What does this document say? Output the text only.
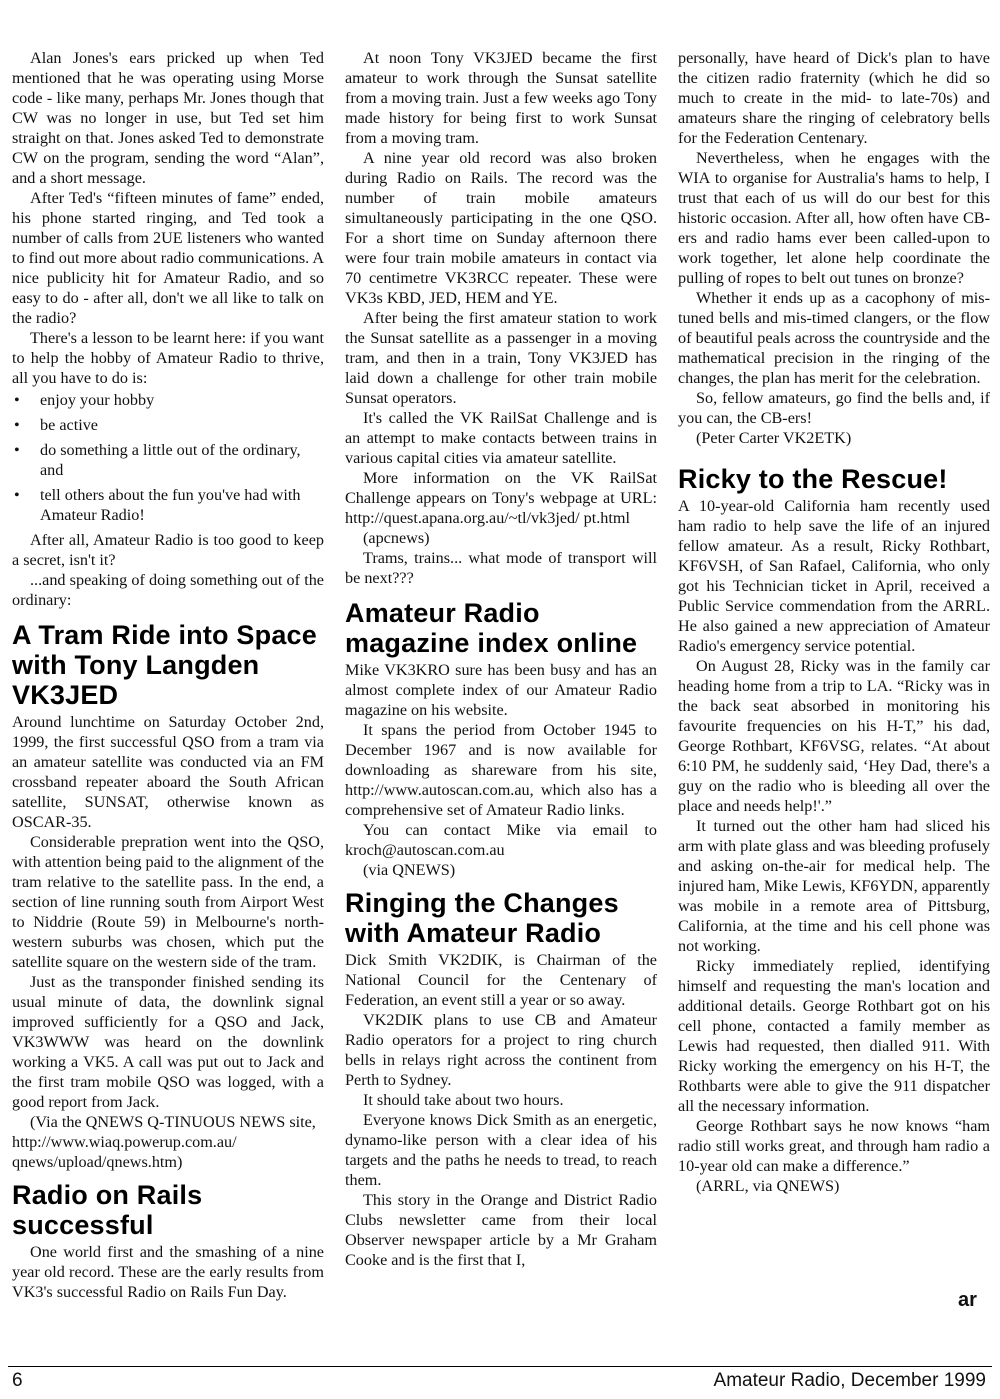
Alan Jones's ears pricked up when Ted mentioned that he was operating using Morse code - like many, perhaps Mr. Jones though that CW was no longer in use, but Ted set him straight on that. Jones asked Ted to demonstrate CW on the program, sending the word “Alan”, and a short message.

After Ted's “fifteen minutes of fame” ended, his phone started ringing, and Ted took a number of calls from 2UE listeners who wanted to find out more about radio communications. A nice publicity hit for Amateur Radio, and so easy to do - after all, don't we all like to talk on the radio?

There's a lesson to be learnt here: if you want to help the hobby of Amateur Radio to thrive, all you have to do is:

• enjoy your hobby
• be active
• do something a little out of the ordinary, and
• tell others about the fun you've had with Amateur Radio!

After all, Amateur Radio is too good to keep a secret, isn't it?

...and speaking of doing something out of the ordinary:

A Tram Ride into Space with Tony Langden VK3JED

Around lunchtime on Saturday October 2nd, 1999, the first successful QSO from a tram via an amateur satellite was conducted via an FM crossband repeater aboard the South African satellite, SUNSAT, otherwise known as OSCAR-35.

Considerable prepration went into the QSO, with attention being paid to the alignment of the tram relative to the satellite pass. In the end, a section of line running south from Airport West to Niddrie (Route 59) in Melbourne's north-western suburbs was chosen, which put the satellite square on the western side of the tram.

Just as the transponder finished sending its usual minute of data, the downlink signal improved sufficiently for a QSO and Jack, VK3WWW was heard on the downlink working a VK5. A call was put out to Jack and the first tram mobile QSO was logged, with a good report from Jack.

(Via the QNEWS Q-TINUOUS NEWS site, http://www.wiaq.powerup.com.au/ qnews/upload/qnews.htm)

Radio on Rails successful

One world first and the smashing of a nine year old record. These are the early results from VK3's successful Radio on Rails Fun Day.

At noon Tony VK3JED became the first amateur to work through the Sunsat satellite from a moving train. Just a few weeks ago Tony made history for being first to work Sunsat from a moving tram.

A nine year old record was also broken during Radio on Rails. The record was the number of train mobile amateurs simultaneously participating in the one QSO. For a short time on Sunday afternoon there were four train mobile amateurs in contact via 70 centimetre VK3RCC repeater. These were VK3s KBD, JED, HEM and YE.

After being the first amateur station to work the Sunsat satellite as a passenger in a moving tram, and then in a train, Tony VK3JED has laid down a challenge for other train mobile Sunsat operators.

It's called the VK RailSat Challenge and is an attempt to make contacts between trains in various capital cities via amateur satellite.

More information on the VK RailSat Challenge appears on Tony's webpage at URL: http://quest.apana.org.au/~tl/vk3jed/ pt.html

(apcnews)

Trams, trains... what mode of transport will be next???

Amateur Radio magazine index online

Mike VK3KRO sure has been busy and has an almost complete index of our Amateur Radio magazine on his website.

It spans the period from October 1945 to December 1967 and is now available for downloading as shareware from his site, http://www.autoscan.com.au, which also has a comprehensive set of Amateur Radio links.

You can contact Mike via email to kroch@autoscan.com.au

(via QNEWS)

Ringing the Changes with Amateur Radio

Dick Smith VK2DIK, is Chairman of the National Council for the Centenary of Federation, an event still a year or so away.

VK2DIK plans to use CB and Amateur Radio operators for a project to ring church bells in relays right across the continent from Perth to Sydney.

It should take about two hours.

Everyone knows Dick Smith as an energetic, dynamo-like person with a clear idea of his targets and the paths he needs to tread, to reach them.

This story in the Orange and District Radio Clubs newsletter came from their local Observer newspaper article by a Mr Graham Cooke and is the first that I,

personally, have heard of Dick's plan to have the citizen radio fraternity (which he did so much to create in the mid- to late-70s) and amateurs share the ringing of celebratory bells for the Federation Centenary.

Nevertheless, when he engages with the WIA to organise for Australia's hams to help, I trust that each of us will do our best for this historic occasion. After all, how often have CB-ers and radio hams ever been called-upon to work together, let alone help coordinate the pulling of ropes to belt out tunes on bronze?

Whether it ends up as a cacophony of mis-tuned bells and mis-timed clangers, or the flow of beautiful peals across the countryside and the mathematical precision in the ringing of the changes, the plan has merit for the celebration.

So, fellow amateurs, go find the bells and, if you can, the CB-ers!

(Peter Carter VK2ETK)

Ricky to the Rescue!

A 10-year-old California ham recently used ham radio to help save the life of an injured fellow amateur. As a result, Ricky Rothbart, KF6VSH, of San Rafael, California, who only got his Technician ticket in April, received a Public Service commendation from the ARRL. He also gained a new appreciation of Amateur Radio's emergency service potential.

On August 28, Ricky was in the family car heading home from a trip to LA. “Ricky was in the back seat absorbed in monitoring his favourite frequencies on his H-T,” his dad, George Rothbart, KF6VSG, relates. “At about 6:10 PM, he suddenly said, ‘Hey Dad, there's a guy on the radio who is bleeding all over the place and needs help!'.”

It turned out the other ham had sliced his arm with plate glass and was bleeding profusely and asking on-the-air for medical help. The injured ham, Mike Lewis, KF6YDN, apparently was mobile in a remote area of Pittsburg, California, at the time and his cell phone was not working.

Ricky immediately replied, identifying himself and requesting the man's location and additional details. George Rothbart got on his cell phone, contacted a family member as Lewis had requested, then dialled 911. With Ricky working the emergency on his H-T, the Rothbarts were able to give the 911 dispatcher all the necessary information.

George Rothbart says he now knows “ham radio still works great, and through ham radio a 10-year old can make a difference.”

(ARRL, via QNEWS)

ar
6	Amateur Radio, December 1999
